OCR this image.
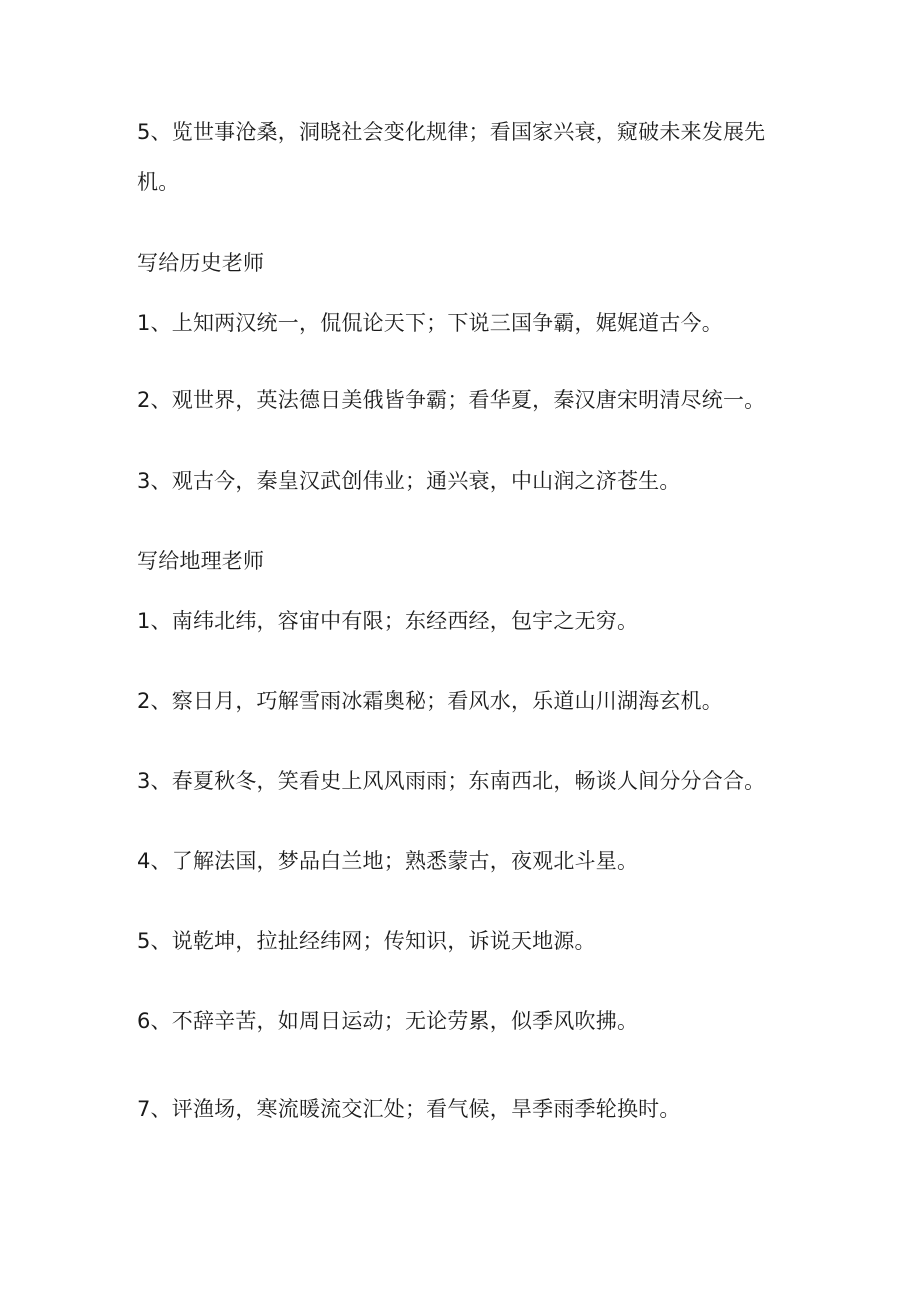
5、览世事沧桑，洞晓社会变化规律；看国家兴衰，窥破未来发展先
机。
写给历史老师
1、上知两汉统一，侃侃论天下；下说三国争霸，娓娓道古今。
2、观世界，英法德日美俄皆争霸；看华夏，秦汉唐宋明清尽统一。
3、观古今，秦皇汉武创伟业；通兴衰，中山润之济苍生。
写给地理老师
1、南纬北纬，容宙中有限；东经西经，包宇之无穷。
2、察日月，巧解雪雨冰霜奥秘；看风水，乐道山川湖海玄机。
3、春夏秋冬，笑看史上风风雨雨；东南西北，畅谈人间分分合合。
4、了解法国，梦品白兰地；熟悉蒙古，夜观北斗星。
5、说乾坤，拉扯经纬网；传知识，诉说天地源。
6、不辞辛苦，如周日运动；无论劳累，似季风吹拂。
7、评渔场，寒流暖流交汇处；看气候，旱季雨季轮换时。
